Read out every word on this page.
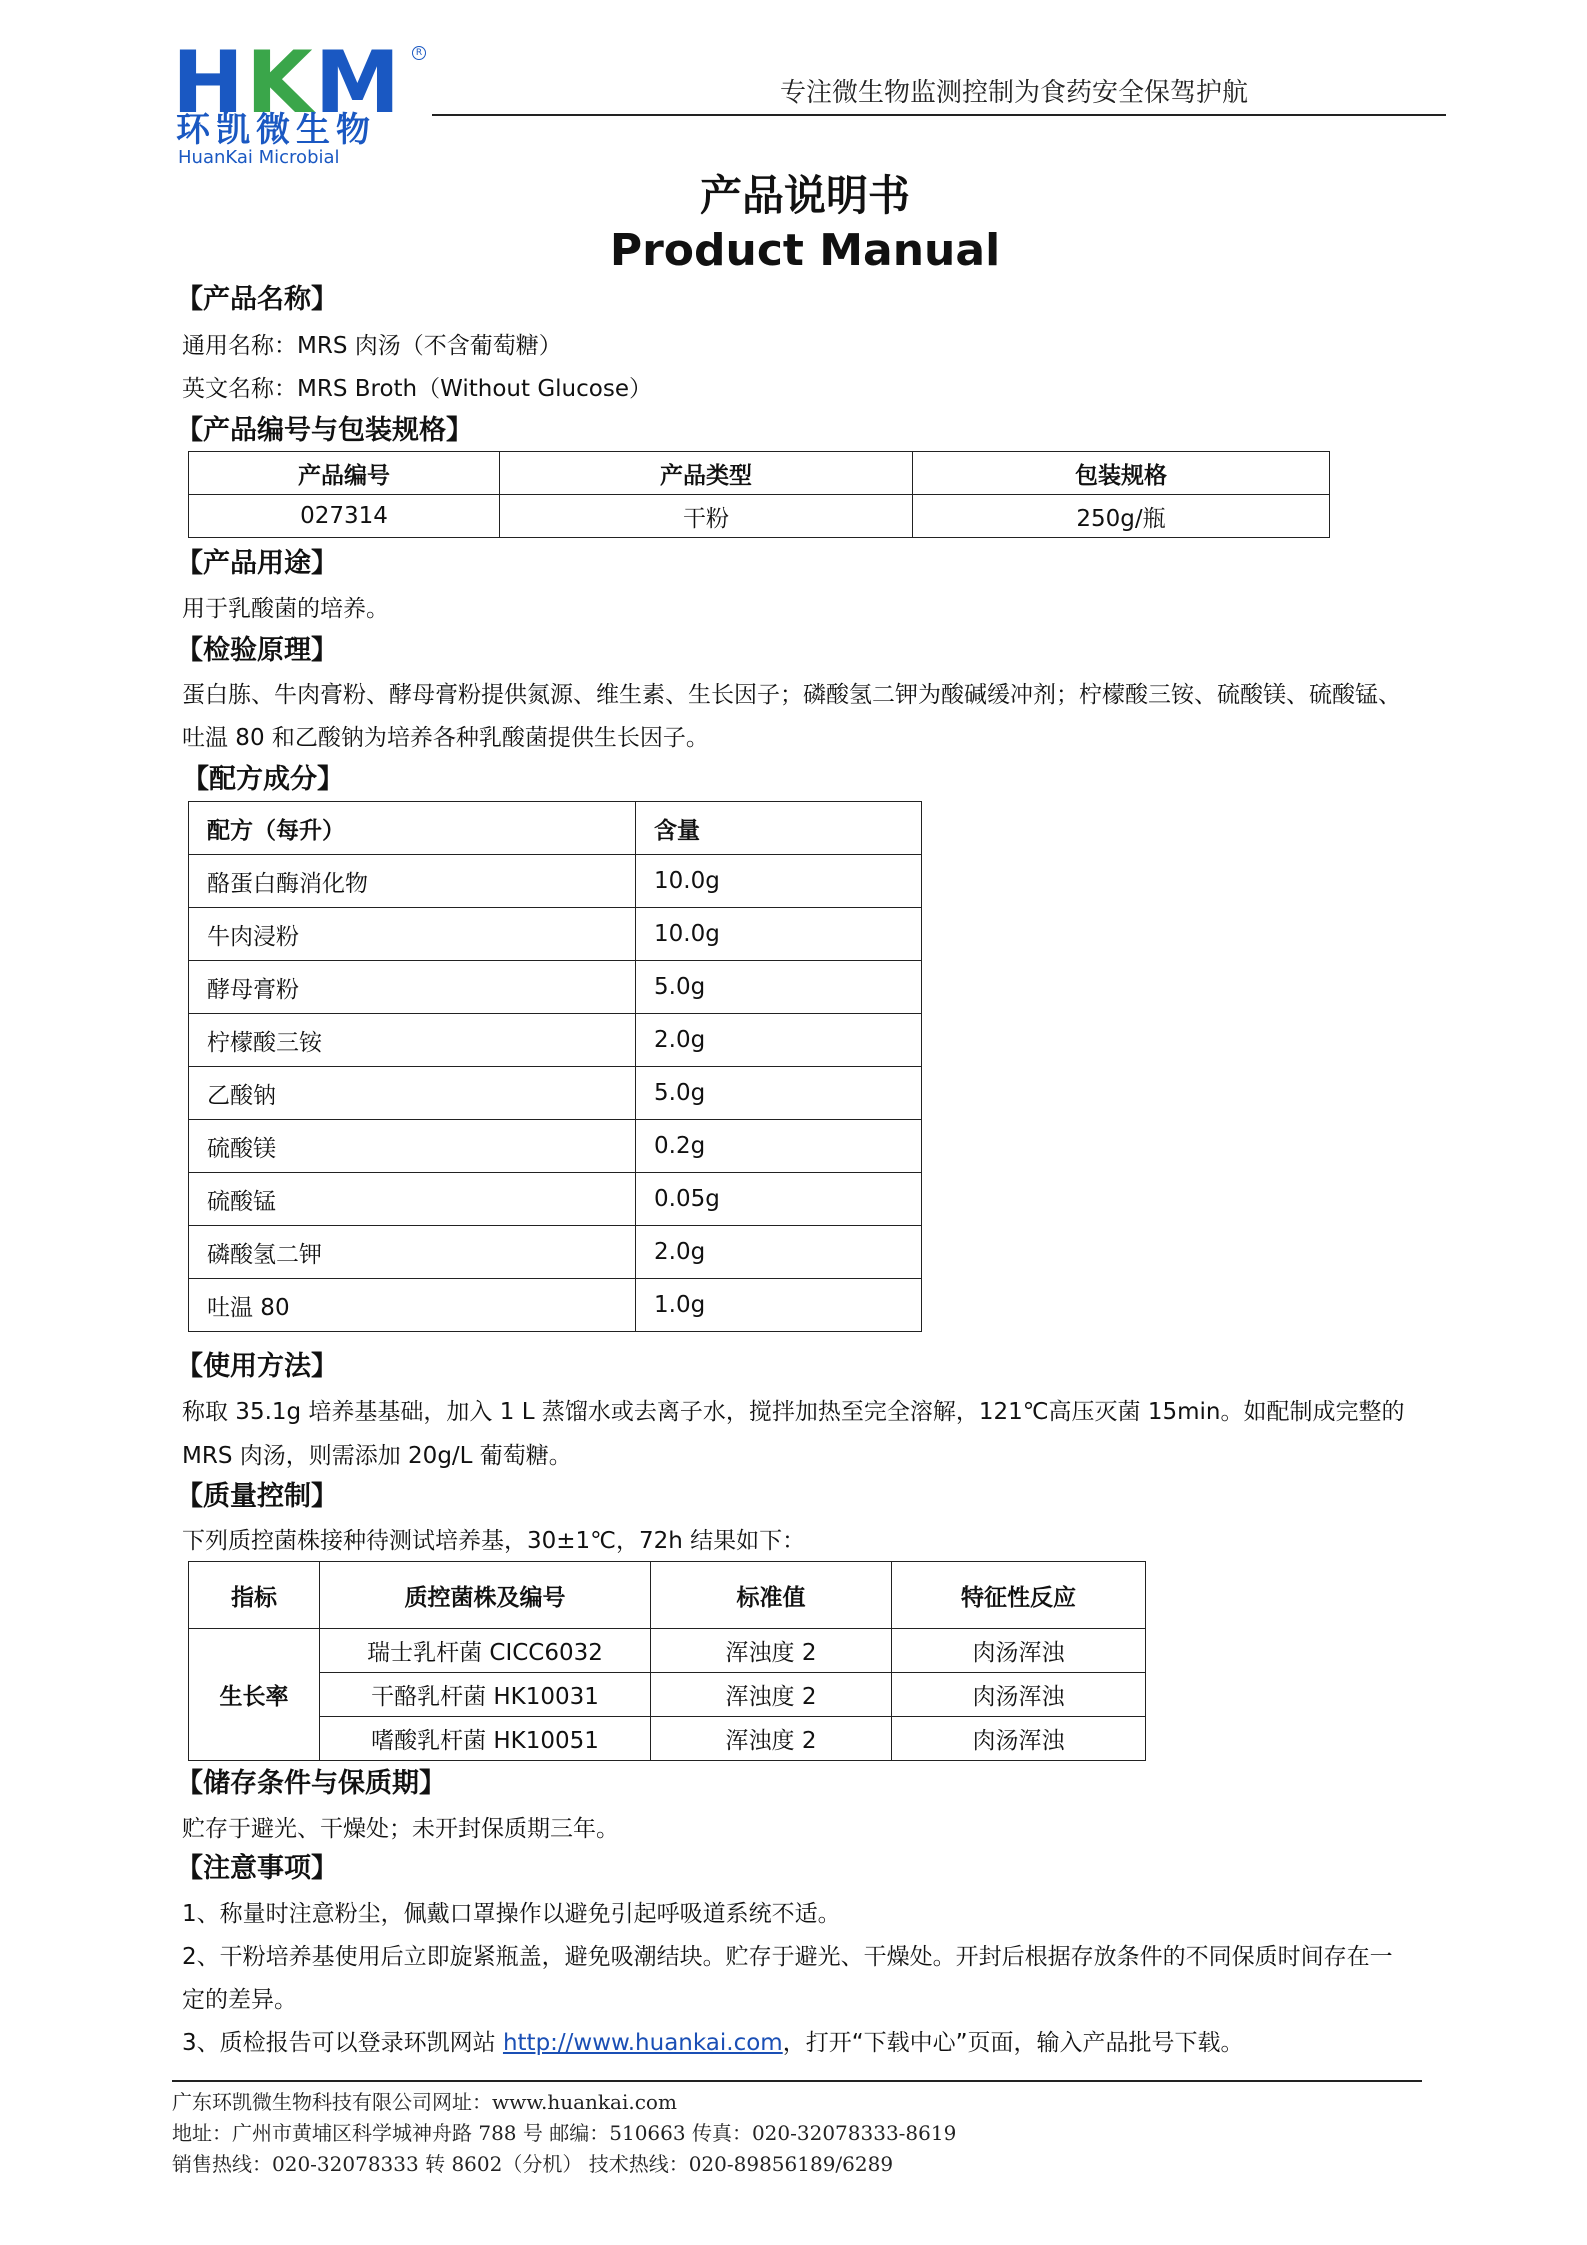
HKM	R
环凯微生物
HuanKai Microbial
专注微生物监测控制为食药安全保驾护航
产品说明书
Product Manual
【产品名称】
通用名称：MRS 肉汤（不含葡萄糖）
英文名称：MRS Broth（Without Glucose）
【产品编号与包装规格】
产品编号	产品类型	包装规格
027314	干粉	250g/瓶
【产品用途】
用于乳酸菌的培养。
【检验原理】
蛋白胨、牛肉膏粉、酵母膏粉提供氮源、维生素、生长因子；磷酸氢二钾为酸碱缓冲剂；柠檬酸三铵、硫酸镁、硫酸锰、
吐温 80 和乙酸钠为培养各种乳酸菌提供生长因子。
【配方成分】
配方（每升）	含量
酪蛋白酶消化物	10.0g
牛肉浸粉	10.0g
酵母膏粉	5.0g
柠檬酸三铵	2.0g
乙酸钠	5.0g
硫酸镁	0.2g
硫酸锰	0.05g
磷酸氢二钾	2.0g
吐温 80	1.0g
【使用方法】
称取 35.1g 培养基基础，加入 1 L 蒸馏水或去离子水，搅拌加热至完全溶解，121℃高压灭菌 15min。如配制成完整的
MRS 肉汤，则需添加 20g/L 葡萄糖。
【质量控制】
下列质控菌株接种待测试培养基，30±1℃，72h 结果如下：
指标	质控菌株及编号	标准值	特征性反应
生长率	瑞士乳杆菌 CICC6032	浑浊度 2	肉汤浑浊
	干酪乳杆菌 HK10031	浑浊度 2	肉汤浑浊
	嗜酸乳杆菌 HK10051	浑浊度 2	肉汤浑浊
【储存条件与保质期】
贮存于避光、干燥处；未开封保质期三年。
【注意事项】
1、称量时注意粉尘，佩戴口罩操作以避免引起呼吸道系统不适。
2、干粉培养基使用后立即旋紧瓶盖，避免吸潮结块。贮存于避光、干燥处。开封后根据存放条件的不同保质时间存在一
定的差异。
3、质检报告可以登录环凯网站 http://www.huankai.com，打开“下载中心”页面，输入产品批号下载。
广东环凯微生物科技有限公司网址：www.huankai.com
地址：广州市黄埔区科学城神舟路 788 号 邮编：510663 传真：020-32078333-8619
销售热线：020-32078333 转 8602（分机） 技术热线：020-89856189/6289
